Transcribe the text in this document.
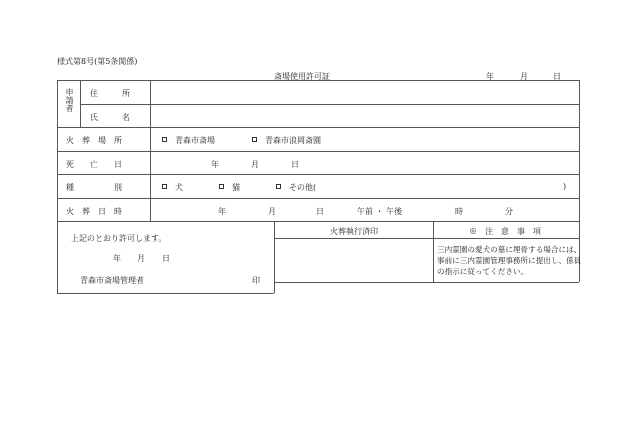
様式第8号(第5条関係)
斎場使用許可証	年	月	日
申請者 住　　　所
氏　　　名
火　葬　場　所	青森市斎場	青森市浪岡斎園
死　　亡　　日	年	月	日
種　　　　　別	犬	猫	その他(	)
火　葬　日　時	年	月	日	午前 ・ 午後	時	分
上記のとおり許可します。
年 月 日
青森市斎場管理者	印
火葬執行済印	※　注　意　事　項
三内霊園の愛犬の墓に埋骨する場合には、事前に三内霊園管理事務所に提出し、係員の指示に従ってください。
